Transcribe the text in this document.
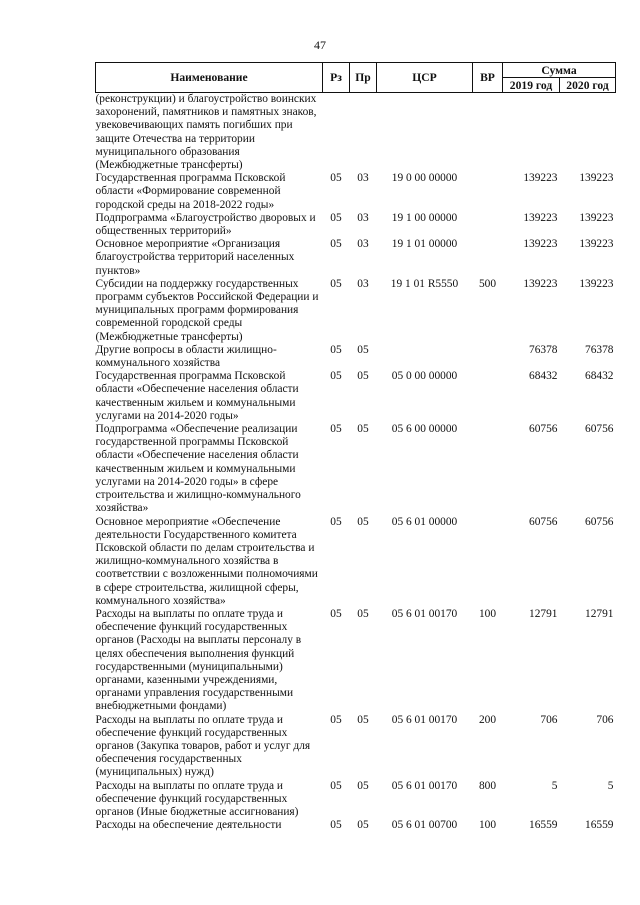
47
Наименование	Рз	Пр	ЦСР	ВР	Сумма	
					2019 год	2020 год
(реконструкции) и благоустройство воинских захоронений, памятников и памятных знаков, увековечивающих память погибших при защите Отечества на территории муниципального образования (Межбюджетные трансферты)						
Государственная программа Псковской области «Формирование современной городской среды на 2018-2022 годы»	05	03	19 0 00 00000		139223	139223
Подпрограмма «Благоустройство дворовых и общественных территорий»	05	03	19 1 00 00000		139223	139223
Основное мероприятие «Организация благоустройства территорий населенных пунктов»	05	03	19 1 01 00000		139223	139223
Субсидии на поддержку государственных программ субъектов Российской Федерации и муниципальных программ формирования современной городской среды (Межбюджетные трансферты)	05	03	19 1 01 R5550	500	139223	139223
Другие вопросы в области жилищно-коммунального хозяйства	05	05			76378	76378
Государственная программа Псковской области «Обеспечение населения области качественным жильем и коммунальными услугами на 2014-2020 годы»	05	05	05 0 00 00000		68432	68432
Подпрограмма «Обеспечение реализации государственной программы Псковской области «Обеспечение населения области качественным жильем и коммунальными услугами на 2014-2020 годы» в сфере строительства и жилищно-коммунального хозяйства»	05	05	05 6 00 00000		60756	60756
Основное мероприятие «Обеспечение деятельности Государственного комитета Псковской области по делам строительства и жилищно-коммунального хозяйства в соответствии с возложенными полномочиями в сфере строительства, жилищной сферы, коммунального хозяйства»	05	05	05 6 01 00000		60756	60756
Расходы на выплаты по оплате труда и обеспечение функций государственных органов (Расходы на выплаты персоналу в целях обеспечения выполнения функций государственными (муниципальными) органами, казенными учреждениями, органами управления государственными внебюджетными фондами)	05	05	05 6 01 00170	100	12791	12791
Расходы на выплаты по оплате труда и обеспечение функций государственных органов (Закупка товаров, работ и услуг для обеспечения государственных (муниципальных) нужд)	05	05	05 6 01 00170	200	706	706
Расходы на выплаты по оплате труда и обеспечение функций государственных органов (Иные бюджетные ассигнования)	05	05	05 6 01 00170	800	5	5
Расходы на обеспечение деятельности	05	05	05 6 01 00700	100	16559	16559
